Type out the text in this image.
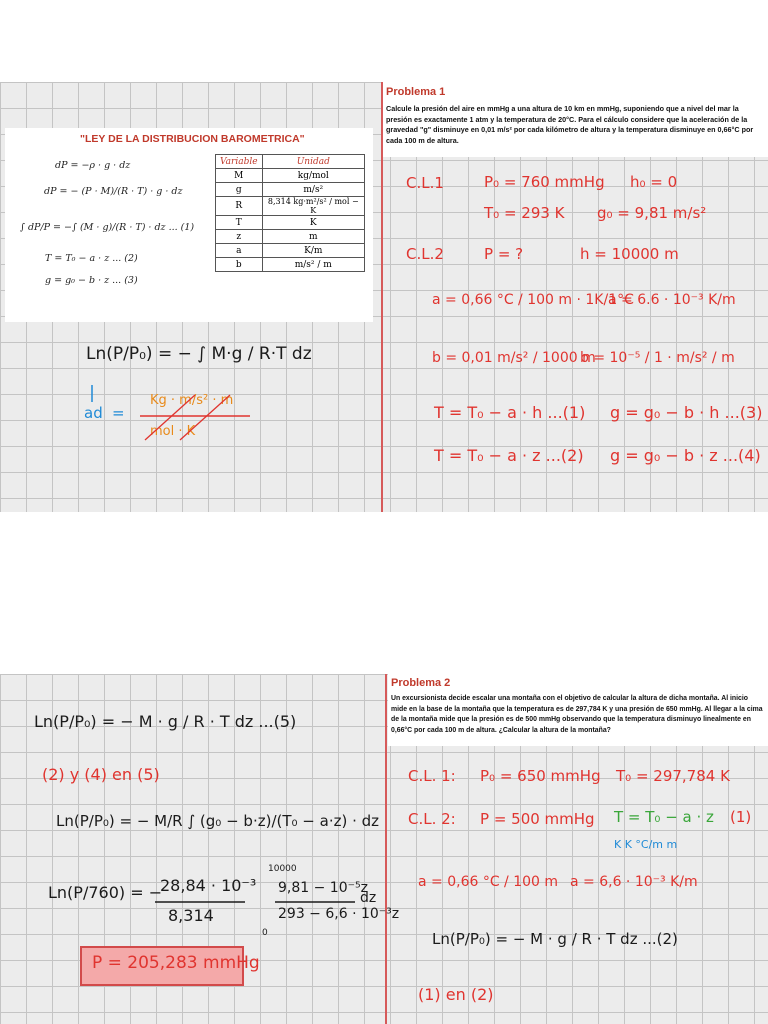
"LEY DE LA DISTRIBUCION BAROMETRICA"
dP = −ρ · g · dz
dP = − (P · M)/(R · T) · g · dz
∫ dP/P = −∫ (M · g)/(R · T) · dz ... (1)
T = T₀ − a · z ... (2)
g = g₀ − b · z ... (3)
Variable	Unidad
M	kg/mol
g	m/s²
R	8,314 kg·m²/s² / mol − K
T	K
z	m
a	K/m
b	m/s² / m
Ln(P/P₀) = − ∫ M·g / R·T dz
ad =
Kg · m/s² · m
mol · K
Problema 1
Calcule la presión del aire en mmHg a una altura de 10 km en mmHg, suponiendo que a nivel del mar la presión es exactamente 1 atm y la temperatura de 20°C. Para el cálculo considere que la aceleración de la gravedad "g" disminuye en 0,01 m/s² por cada kilómetro de altura y la temperatura disminuye en 0,66°C por cada 100 m de altura.
C.L.1	P₀ = 760 mmHg h₀ = 0
T₀ = 293 K g₀ = 9,81 m/s²
C.L.2	P = ?	h = 10000 m
a = 0,66 °C / 100 m · 1K/1°C
a = 6.6 · 10⁻³ K/m
b = 0,01 m/s² / 1000 m
b = 10⁻⁵ / 1 · m/s² / m
T = T₀ − a · h ...(1) g = g₀ − b · h ...(3)
T = T₀ − a · z ...(2) g = g₀ − b · z ...(4)
Ln(P/P₀) = − M · g / R · T dz ...(5)
(2) y (4) en (5)
Ln(P/P₀) = − M/R ∫ (g₀ − b·z)/(T₀ − a·z) · dz
Ln(P/760) = −
28,84 · 10⁻³
8,314
10000
9,81 − 10⁻⁵z
293 − 6,6 · 10⁻³z
0
dz
P = 205,283 mmHg
Problema 2
Un excursionista decide escalar una montaña con el objetivo de calcular la altura de dicha montaña. Al inicio mide en la base de la montaña que la temperatura es de 297,784 K y una presión de 650 mmHg. Al llegar a la cima de la montaña mide que la presión es de 500 mmHg observando que la temperatura disminuyo linealmente en 0,66°C por cada 100 m de altura. ¿Calcular la altura de la montaña?
C.L. 1: P₀ = 650 mmHg T₀ = 297,784 K
C.L. 2: P = 500 mmHg T = T₀ − a · z (1)
K K °C/m m
a = 0,66 °C / 100 m a = 6,6 · 10⁻³ K/m
Ln(P/P₀) = − M · g / R · T dz ...(2)
(1) en (2)
